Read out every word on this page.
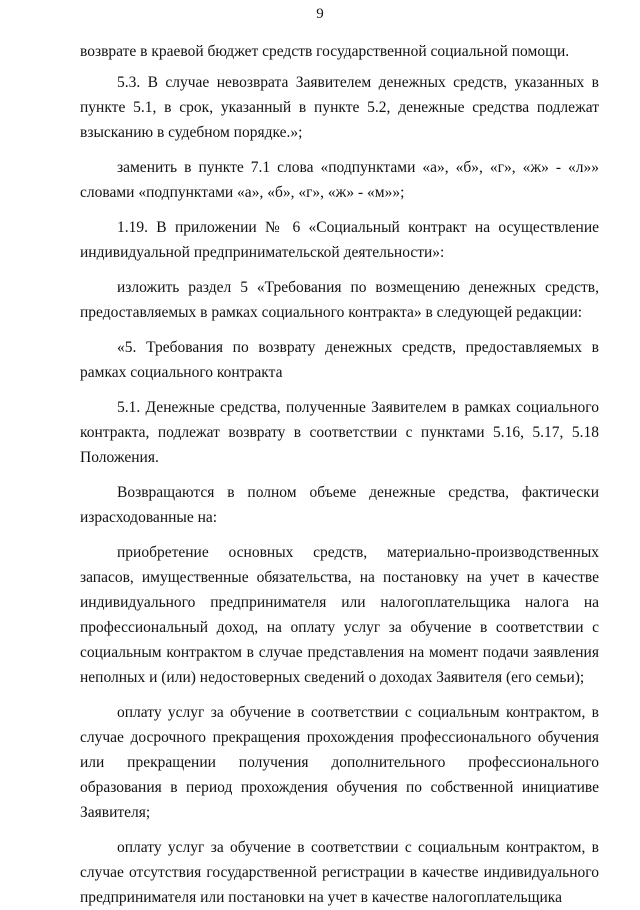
9

возврате в краевой бюджет средств государственной социальной помощи.

5.3. В случае невозврата Заявителем денежных средств, указанных в пункте 5.1, в срок, указанный в пункте 5.2, денежные средства подлежат взысканию в судебном порядке.»;

заменить в пункте 7.1 слова «подпунктами «а», «б», «г», «ж» - «л»» словами «подпунктами «а», «б», «г», «ж» - «м»»;

1.19. В приложении № 6 «Социальный контракт на осуществление индивидуальной предпринимательской деятельности»:

изложить раздел 5 «Требования по возмещению денежных средств, предоставляемых в рамках социального контракта» в следующей редакции:

«5. Требования по возврату денежных средств, предоставляемых в рамках социального контракта

5.1. Денежные средства, полученные Заявителем в рамках социального контракта, подлежат возврату в соответствии с пунктами 5.16, 5.17, 5.18 Положения.

Возвращаются в полном объеме денежные средства, фактически израсходованные на:

приобретение основных средств, материально-производственных запасов, имущественные обязательства, на постановку на учет в качестве индивидуального предпринимателя или налогоплательщика налога на профессиональный доход, на оплату услуг за обучение в соответствии с социальным контрактом в случае представления на момент подачи заявления неполных и (или) недостоверных сведений о доходах Заявителя (его семьи);

оплату услуг за обучение в соответствии с социальным контрактом, в случае досрочного прекращения прохождения профессионального обучения или прекращении получения дополнительного профессионального образования в период прохождения обучения по собственной инициативе Заявителя;

оплату услуг за обучение в соответствии с социальным контрактом, в случае отсутствия государственной регистрации в качестве индивидуального предпринимателя или постановки на учет в качестве налогоплательщика
